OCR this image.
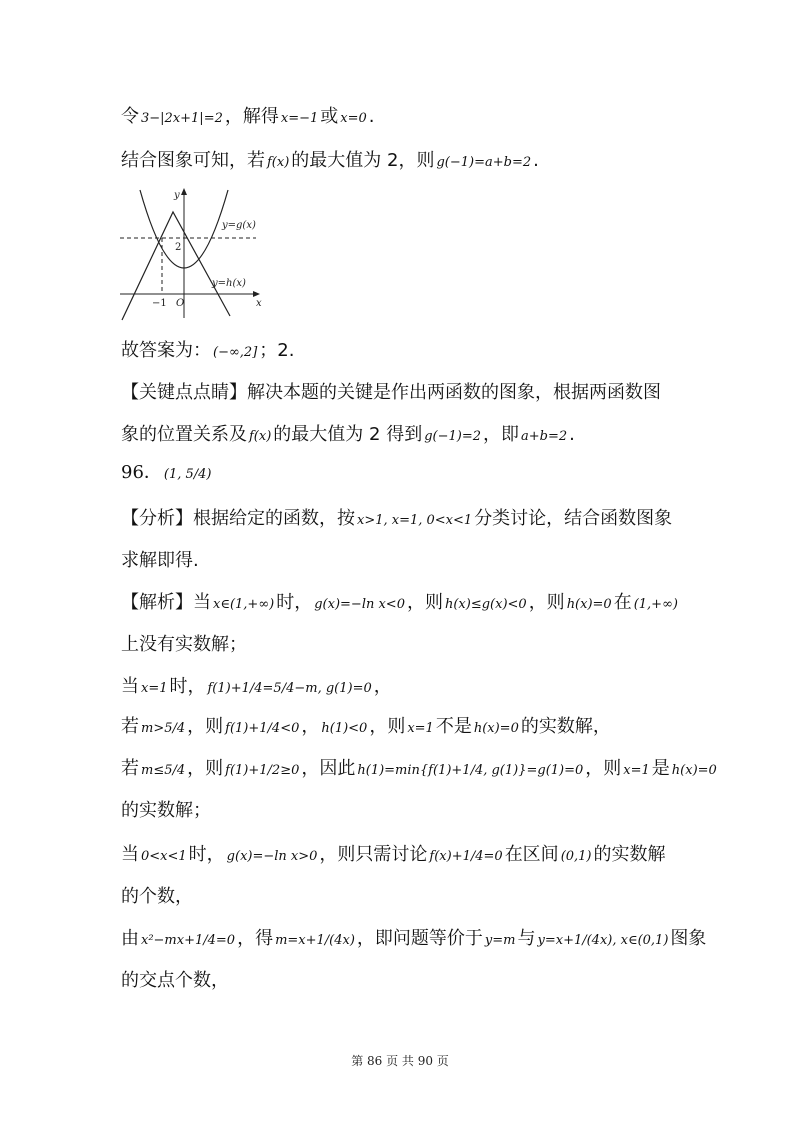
令 3−|2x+1|=2 ，解得 x=−1 或 x=0 .
结合图象可知，若 f(x) 的最大值为 2，则 g(−1)=a+b=2 .
y=g(x)
y=h(x)
y
x
2
−1 O
故答案为： (−∞,2] ；2.
【关键点点睛】解决本题的关键是作出两函数的图象，根据两函数图
象的位置关系及 f(x) 的最大值为 2 得到 g(−1)=2 ，即 a+b=2 .
96． (1, 5/4)
【分析】根据给定的函数，按 x>1, x=1, 0<x<1 分类讨论，结合函数图象
求解即得.
【解析】当 x∈(1,+∞) 时， g(x)=−ln x<0 ，则 h(x)≤g(x)<0 ，则 h(x)=0 在 (1,+∞)
上没有实数解；
当 x=1 时， f(1)+1/4=5/4−m, g(1)=0 ，
若 m>5/4 ，则 f(1)+1/4<0 ， h(1)<0 ，则 x=1 不是 h(x)=0 的实数解，
若 m≤5/4 ，则 f(1)+1/2≥0 ，因此 h(1)=min{f(1)+1/4, g(1)}=g(1)=0 ，则 x=1 是 h(x)=0
的实数解；
当 0<x<1 时， g(x)=−ln x>0 ，则只需讨论 f(x)+1/4=0 在区间 (0,1) 的实数解
的个数，
由 x²−mx+1/4=0 ，得 m=x+1/(4x) ，即问题等价于 y=m 与 y=x+1/(4x), x∈(0,1) 图象
的交点个数，
第 86 页 共 90 页
